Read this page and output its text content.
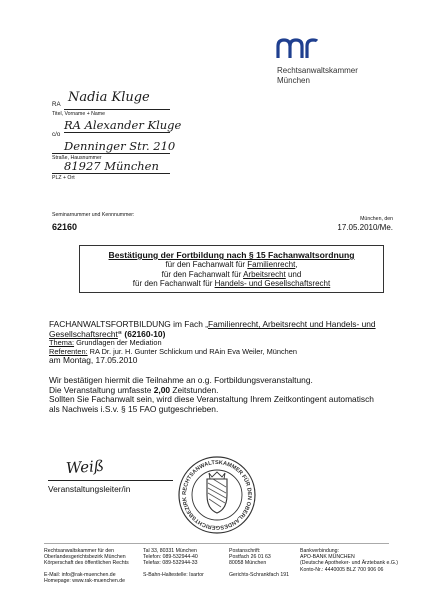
Rechtsanwaltskammer
München
RA Nadia Kluge
Titel, Vorname + Name
RA Alexander Kluge
c/o
Denninger Str. 210
Straße, Hausnummer
81927 München
PLZ + Ort
Seminarnummer und Kennnummer:
62160
München, den
17.05.2010/Me.
Bestätigung der Fortbildung nach § 15 Fachanwaltsordnung
für den Fachanwalt für Familienrecht,
für den Fachanwalt für Arbeitsrecht und
für den Fachanwalt für Handels- und Gesellschaftsrecht
FACHANWALTSFORTBILDUNG im Fach „Familienrecht, Arbeitsrecht und Handels- und
Gesellschaftsrecht“ (62160-10)
Thema: Grundlagen der Mediation
Referenten: RA Dr. jur. H. Gunter Schlickum und RAin Eva Weiler, München
am Montag, 17.05.2010
Wir bestätigen hiermit die Teilnahme an o.g. Fortbildungsveranstaltung.
Die Veranstaltung umfasste 2,00 Zeitstunden.
Sollten Sie Fachanwalt sein, wird diese Veranstaltung Ihrem Zeitkontingent automatisch
als Nachweis i.S.v. § 15 FAO gutgeschrieben.
Weiß
Veranstaltungsleiter/in	RECHTSANWALTSKAMMER FÜR DEN OBERLANDESGERICHTSBEZIRK
Rechtsanwaltskammer für den
Oberlandesgerichtsbezirk München
Körperschaft des öffentlichen Rechts
E-Mail: info@rak-muenchen.de
Homepage: www.rak-muenchen.de
Tal 33, 80331 München
Telefon: 089-532944-40
Telefax: 089-532944-33
S-Bahn-Haltestelle: Isartor
Postanschrift:
Postfach 26 01 63
80058 München
Gerichts-Schrankfach 191
Bankverbindung:
APO-BANK MÜNCHEN
(Deutsche Apotheker- und Ärztebank e.G.)
Konto-Nr.: 4440005 BLZ 700 906 06
